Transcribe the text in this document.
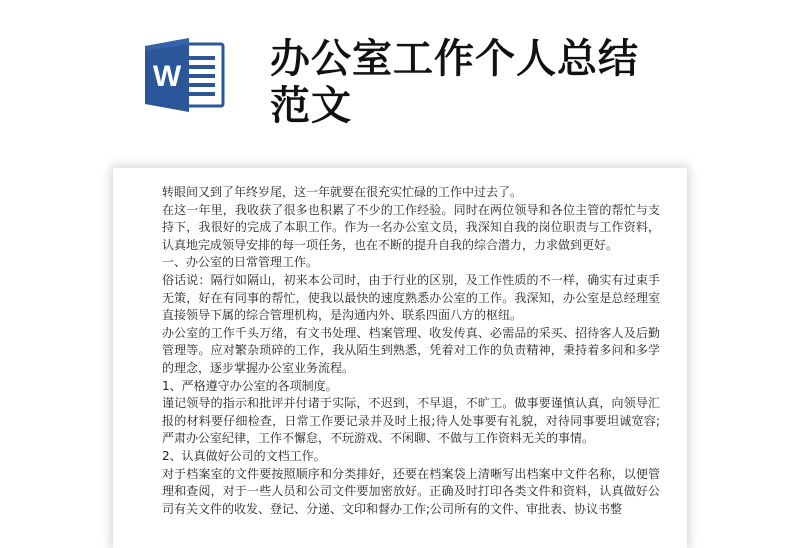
W 办公室工作个人总结
范文

转眼间又到了年终岁尾，这一年就要在很充实忙碌的工作中过去了。

在这一年里，我收获了很多也积累了不少的工作经验。同时在两位领导和各位主管的帮忙与支持下，我很好的完成了本职工作。作为一名办公室文员，我深知自我的岗位职责与工作资料，认真地完成领导安排的每一项任务，也在不断的提升自我的综合潜力，力求做到更好。

一、办公室的日常管理工作。

俗话说：隔行如隔山，初来本公司时，由于行业的区别，及工作性质的不一样，确实有过束手无策，好在有同事的帮忙，使我以最快的速度熟悉办公室的工作。我深知，办公室是总经理室直接领导下属的综合管理机构，是沟通内外、联系四面八方的枢纽。

办公室的工作千头万绪，有文书处理、档案管理、收发传真、必需品的采买、招待客人及后勤管理等。应对繁杂琐碎的工作，我从陌生到熟悉，凭着对工作的负责精神，秉持着多问和多学的理念，逐步掌握办公室业务流程。

1、严格遵守办公室的各项制度。

谨记领导的指示和批评并付诸于实际，不迟到，不早退，不旷工。做事要谨慎认真，向领导汇报的材料要仔细检查，日常工作要记录并及时上报;待人处事要有礼貌，对待同事要坦诚宽容;严肃办公室纪律，工作不懈怠，不玩游戏、不闲聊、不做与工作资料无关的事情。

2、认真做好公司的文档工作。

对于档案室的文件要按照顺序和分类排好，还要在档案袋上清晰写出档案中文件名称，以便管理和查阅，对于一些人员和公司文件要加密放好。正确及时打印各类文件和资料，认真做好公司有关文件的收发、登记、分递、文印和督办工作;公司所有的文件、审批表、协议书整
